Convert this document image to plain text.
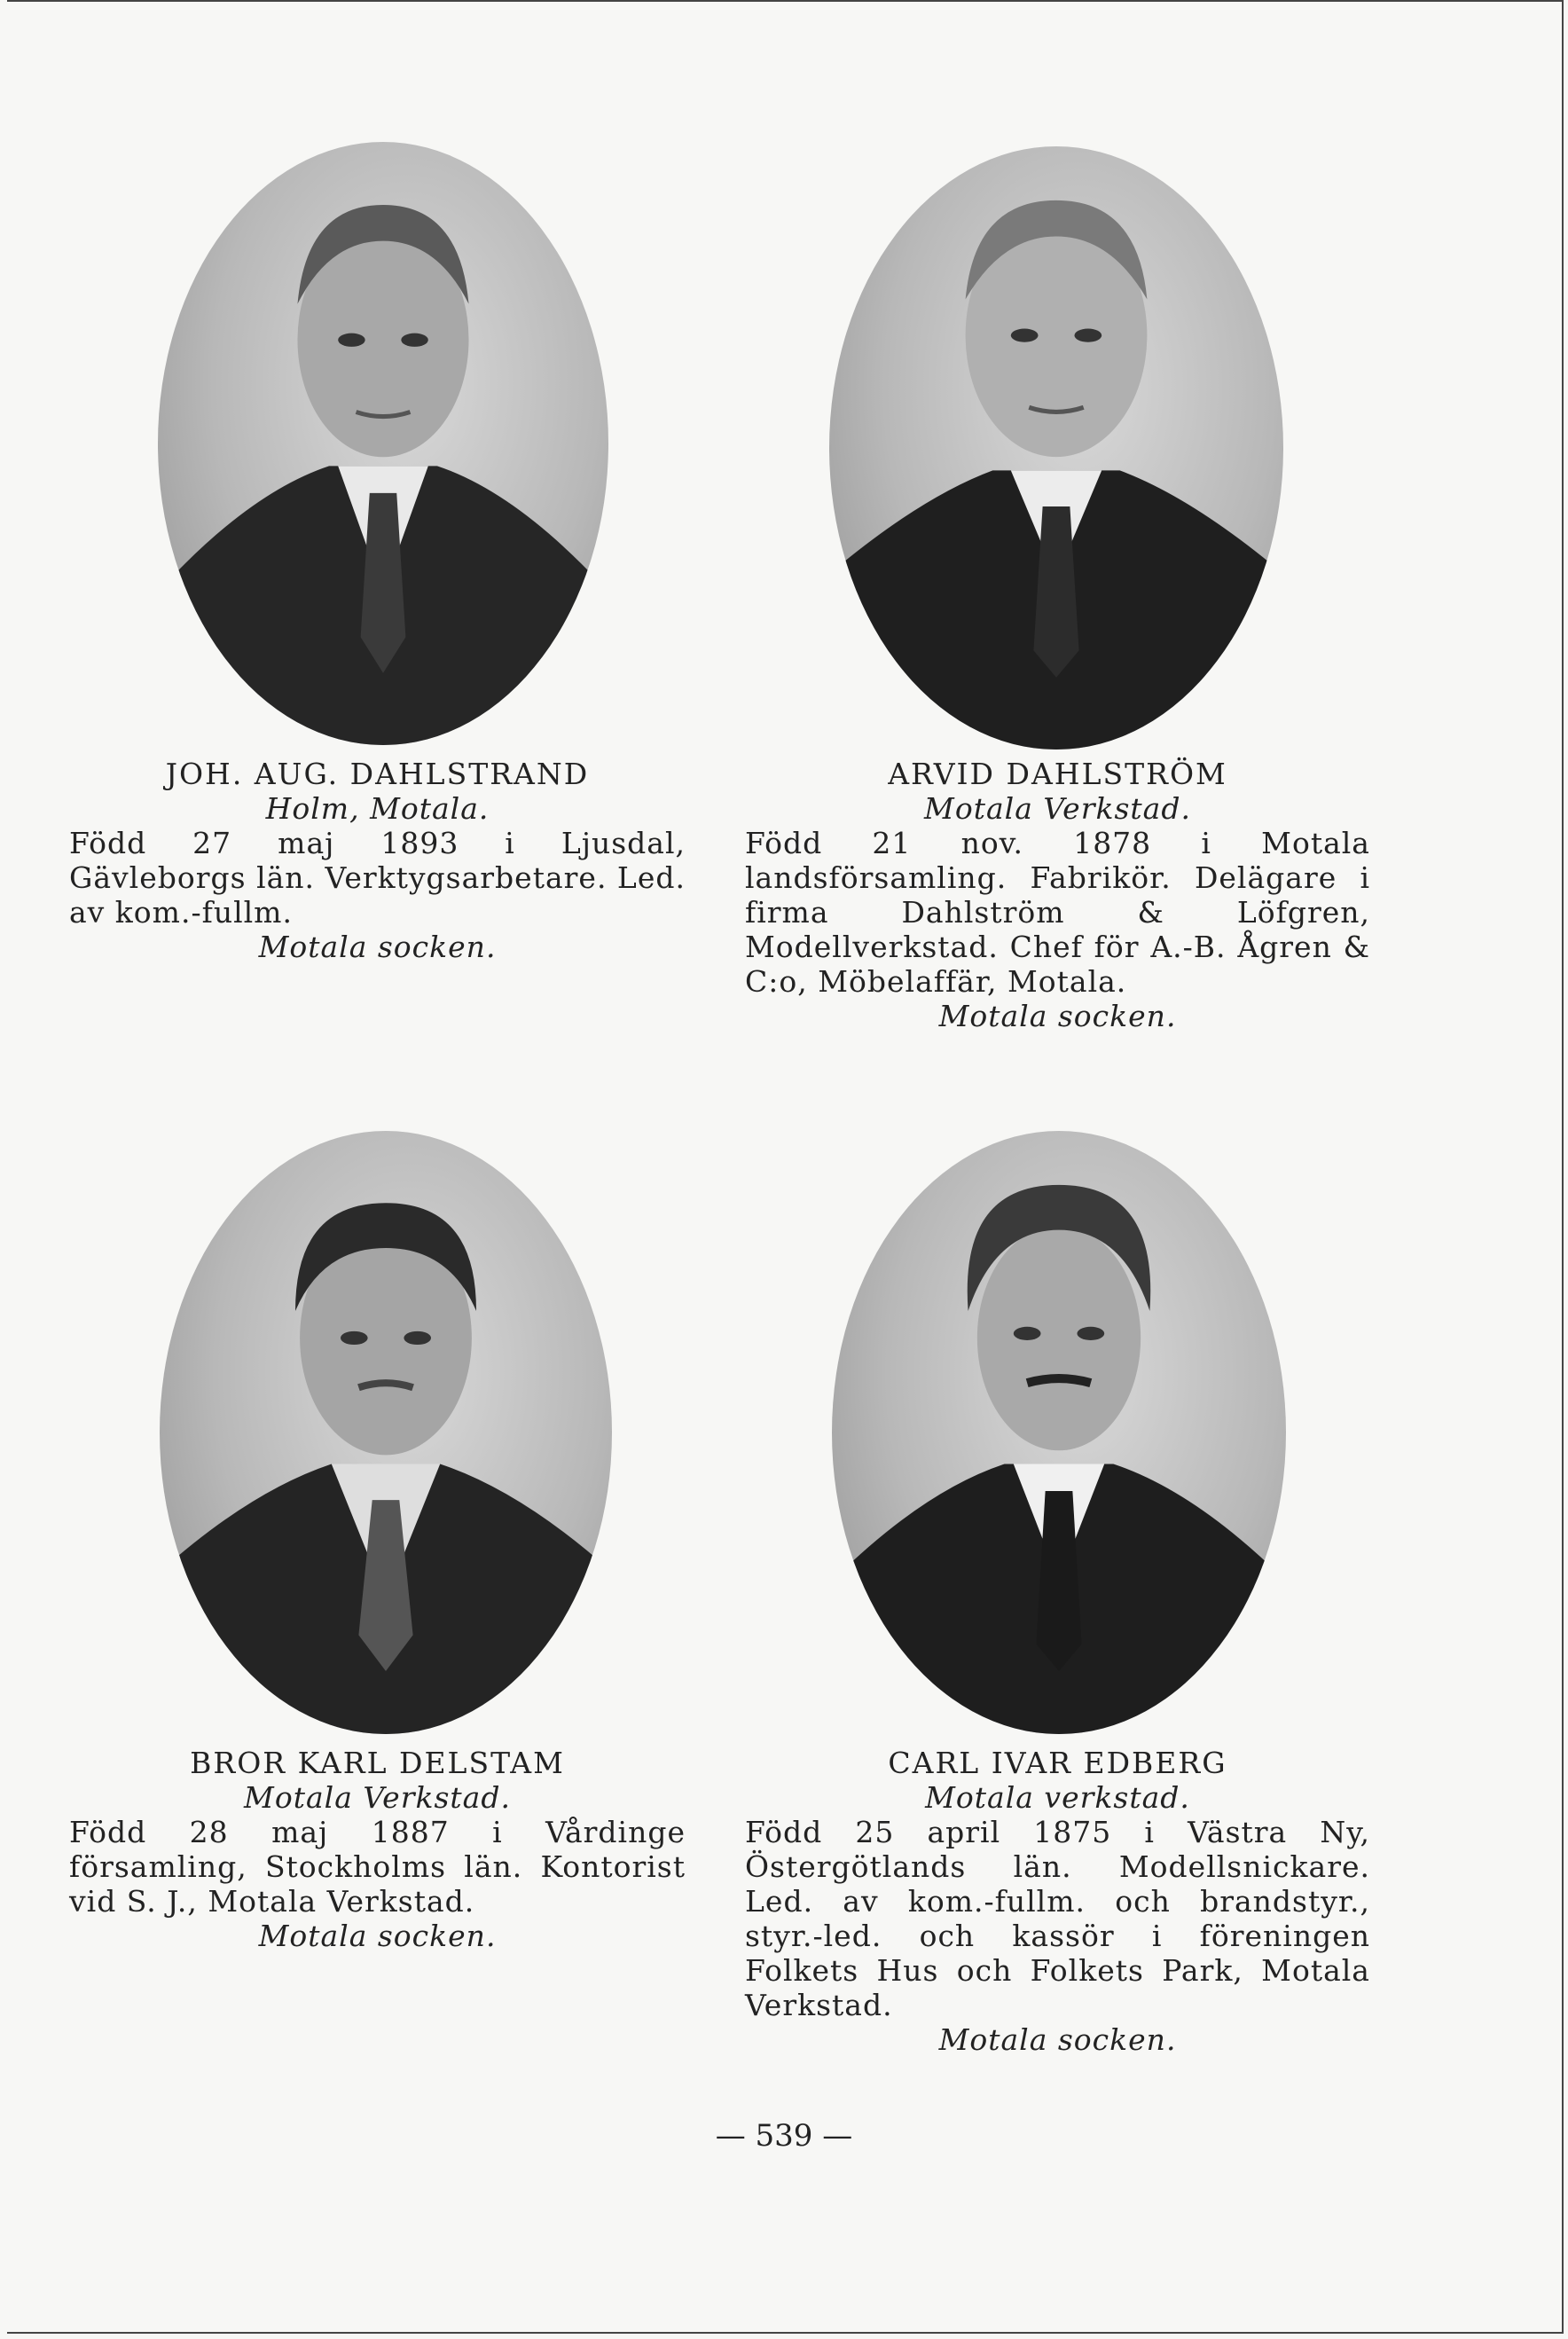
JOH. AUG. DAHLSTRAND
Holm, Motala.
Född 27 maj 1893 i Ljusdal, Gävleborgs län. Verktygsarbetare. Led. av kom.-fullm.
Motala socken.
ARVID DAHLSTRÖM
Motala Verkstad.
Född 21 nov. 1878 i Motala landsförsamling. Fabrikör. Delägare i firma Dahlström & Löfgren, Modellverkstad. Chef för A.-B. Ågren & C:o, Möbelaffär, Motala.
Motala socken.
BROR KARL DELSTAM
Motala Verkstad.
Född 28 maj 1887 i Vårdinge församling, Stockholms län. Kontorist vid S. J., Motala Verkstad.
Motala socken.
CARL IVAR EDBERG
Motala verkstad.
Född 25 april 1875 i Västra Ny, Östergötlands län. Modellsnickare. Led. av kom.-fullm. och brandstyr., styr.-led. och kassör i föreningen Folkets Hus och Folkets Park, Motala Verkstad.
Motala socken.
— 539 —
